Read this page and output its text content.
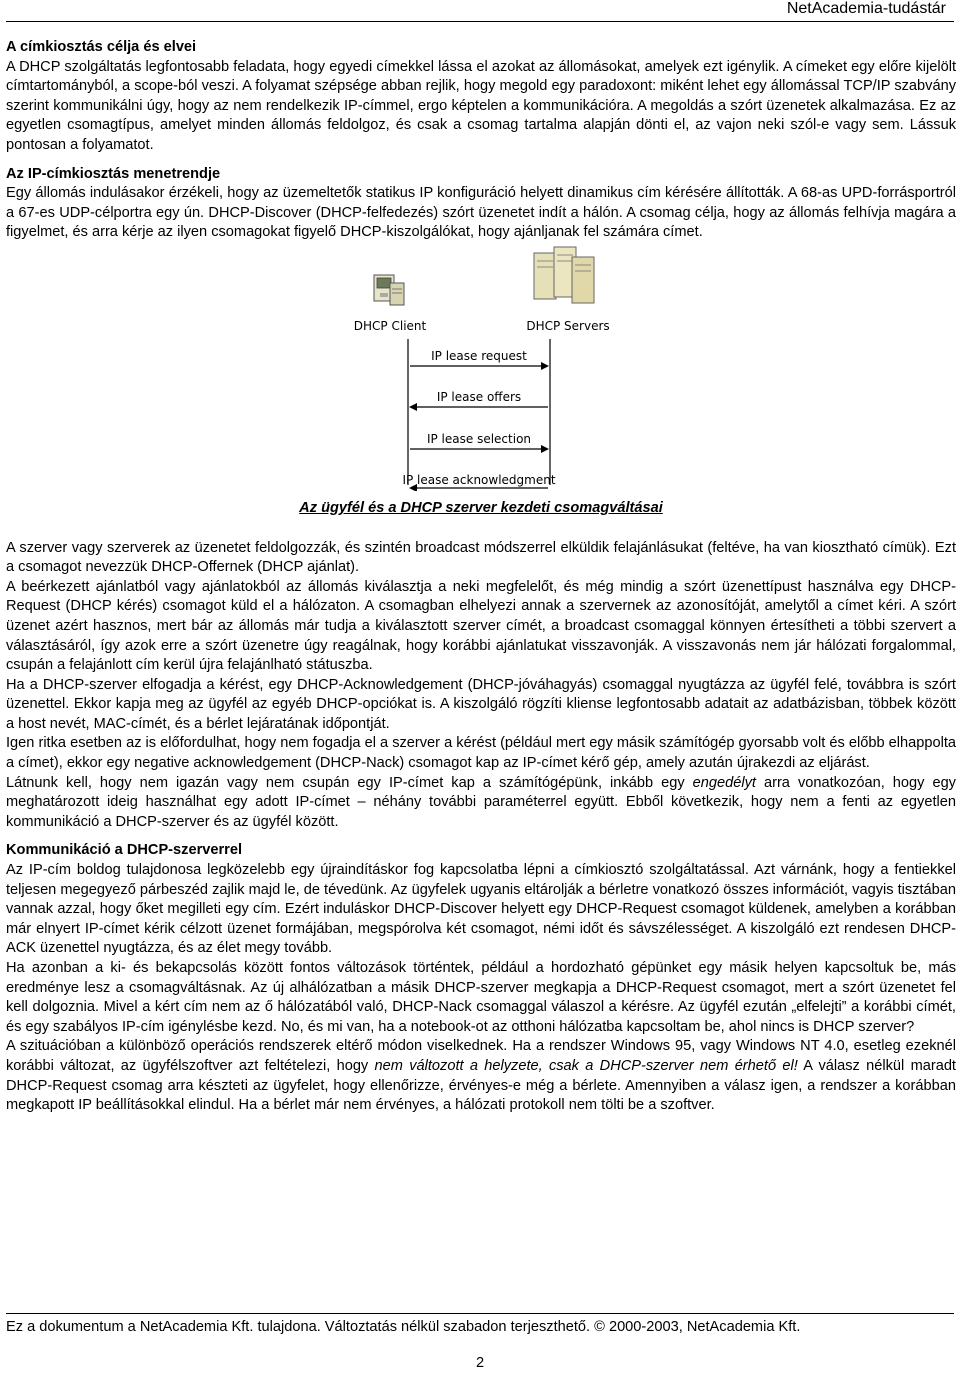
NetAcademia-tudástár
A címkiosztás célja és elvei

A DHCP szolgáltatás legfontosabb feladata, hogy egyedi címekkel lássa el azokat az állomásokat, amelyek ezt igénylik. A címeket egy előre kijelölt címtartományból, a scope-ból veszi. A folyamat szépsége abban rejlik, hogy megold egy paradoxont: miként lehet egy állomással TCP/IP szabvány szerint kommunikálni úgy, hogy az nem rendelkezik IP-címmel, ergo képtelen a kommunikációra. A megoldás a szórt üzenetek alkalmazása. Ez az egyetlen csomagtípus, amelyet minden állomás feldolgoz, és csak a csomag tartalma alapján dönti el, az vajon neki szól-e vagy sem. Lássuk pontosan a folyamatot.

Az IP-címkiosztás menetrendje

Egy állomás indulásakor érzékeli, hogy az üzemeltetők statikus IP konfiguráció helyett dinamikus cím kérésére állították. A 68-as UPD-forrásportról a 67-es UDP-célportra egy ún. DHCP-Discover (DHCP-felfedezés) szórt üzenetet indít a hálón. A csomag célja, hogy az állomás felhívja magára a figyelmet, és arra kérje az ilyen csomagokat figyelő DHCP-kiszolgálókat, hogy ajánljanak fel számára címet.

DHCP Client	DHCP Servers
IP lease request
IP lease offers
IP lease selection
IP lease acknowledgment
Az ügyfél és a DHCP szerver kezdeti csomagváltásai

A szerver vagy szerverek az üzenetet feldolgozzák, és szintén broadcast módszerrel elküldik felajánlásukat (feltéve, ha van kiosztható címük). Ezt a csomagot nevezzük DHCP-Offernek (DHCP ajánlat).

A beérkezett ajánlatból vagy ajánlatokból az állomás kiválasztja a neki megfelelőt, és még mindig a szórt üzenettípust használva egy DHCP-Request (DHCP kérés) csomagot küld el a hálózaton. A csomagban elhelyezi annak a szervernek az azonosítóját, amelytől a címet kéri. A szórt üzenet azért hasznos, mert bár az állomás már tudja a kiválasztott szerver címét, a broadcast csomaggal könnyen értesítheti a többi szervert a választásáról, így azok erre a szórt üzenetre úgy reagálnak, hogy korábbi ajánlatukat visszavonják. A visszavonás nem jár hálózati forgalommal, csupán a felajánlott cím kerül újra felajánlható státuszba.

Ha a DHCP-szerver elfogadja a kérést, egy DHCP-Acknowledgement (DHCP-jóváhagyás) csomaggal nyugtázza az ügyfél felé, továbbra is szórt üzenettel. Ekkor kapja meg az ügyfél az egyéb DHCP-opciókat is. A kiszolgáló rögzíti kliense legfontosabb adatait az adatbázisban, többek között a host nevét, MAC-címét, és a bérlet lejáratának időpontját.

Igen ritka esetben az is előfordulhat, hogy nem fogadja el a szerver a kérést (például mert egy másik számítógép gyorsabb volt és előbb elhappolta a címet), ekkor egy negative acknowledgement (DHCP-Nack) csomagot kap az IP-címet kérő gép, amely azután újrakezdi az eljárást.

Látnunk kell, hogy nem igazán vagy nem csupán egy IP-címet kap a számítógépünk, inkább egy engedélyt arra vonatkozóan, hogy egy meghatározott ideig használhat egy adott IP-címet – néhány további paraméterrel együtt. Ebből következik, hogy nem a fenti az egyetlen kommunikáció a DHCP-szerver és az ügyfél között.

Kommunikáció a DHCP-szerverrel

Az IP-cím boldog tulajdonosa legközelebb egy újraindításkor fog kapcsolatba lépni a címkiosztó szolgáltatással. Azt várnánk, hogy a fentiekkel teljesen megegyező párbeszéd zajlik majd le, de tévedünk. Az ügyfelek ugyanis eltárolják a bérletre vonatkozó összes információt, vagyis tisztában vannak azzal, hogy őket megilleti egy cím. Ezért induláskor DHCP-Discover helyett egy DHCP-Request csomagot küldenek, amelyben a korábban már elnyert IP-címet kérik célzott üzenet formájában, megspórolva két csomagot, némi időt és sávszélességet. A kiszolgáló ezt rendesen DHCP-ACK üzenettel nyugtázza, és az élet megy tovább.

Ha azonban a ki- és bekapcsolás között fontos változások történtek, például a hordozható gépünket egy másik helyen kapcsoltuk be, más eredménye lesz a csomagváltásnak. Az új alhálózatban a másik DHCP-szerver megkapja a DHCP-Request csomagot, mert a szórt üzenetet fel kell dolgoznia. Mivel a kért cím nem az ő hálózatából való, DHCP-Nack csomaggal válaszol a kérésre. Az ügyfél ezután „elfelejti” a korábbi címét, és egy szabályos IP-cím igénylésbe kezd. No, és mi van, ha a notebook-ot az otthoni hálózatba kapcsoltam be, ahol nincs is DHCP szerver?

A szituációban a különböző operációs rendszerek eltérő módon viselkednek. Ha a rendszer Windows 95, vagy Windows NT 4.0, esetleg ezeknél korábbi változat, az ügyfélszoftver azt feltételezi, hogy nem változott a helyzete, csak a DHCP-szerver nem érhető el! A válasz nélkül maradt DHCP-Request csomag arra készteti az ügyfelet, hogy ellenőrizze, érvényes-e még a bérlete. Amennyiben a válasz igen, a rendszer a korábban megkapott IP beállításokkal elindul. Ha a bérlet már nem érvényes, a hálózati protokoll nem tölti be a szoftver.

Ez a dokumentum a NetAcademia Kft. tulajdona. Változtatás nélkül szabadon terjeszthető. © 2000-2003, NetAcademia Kft.
2
